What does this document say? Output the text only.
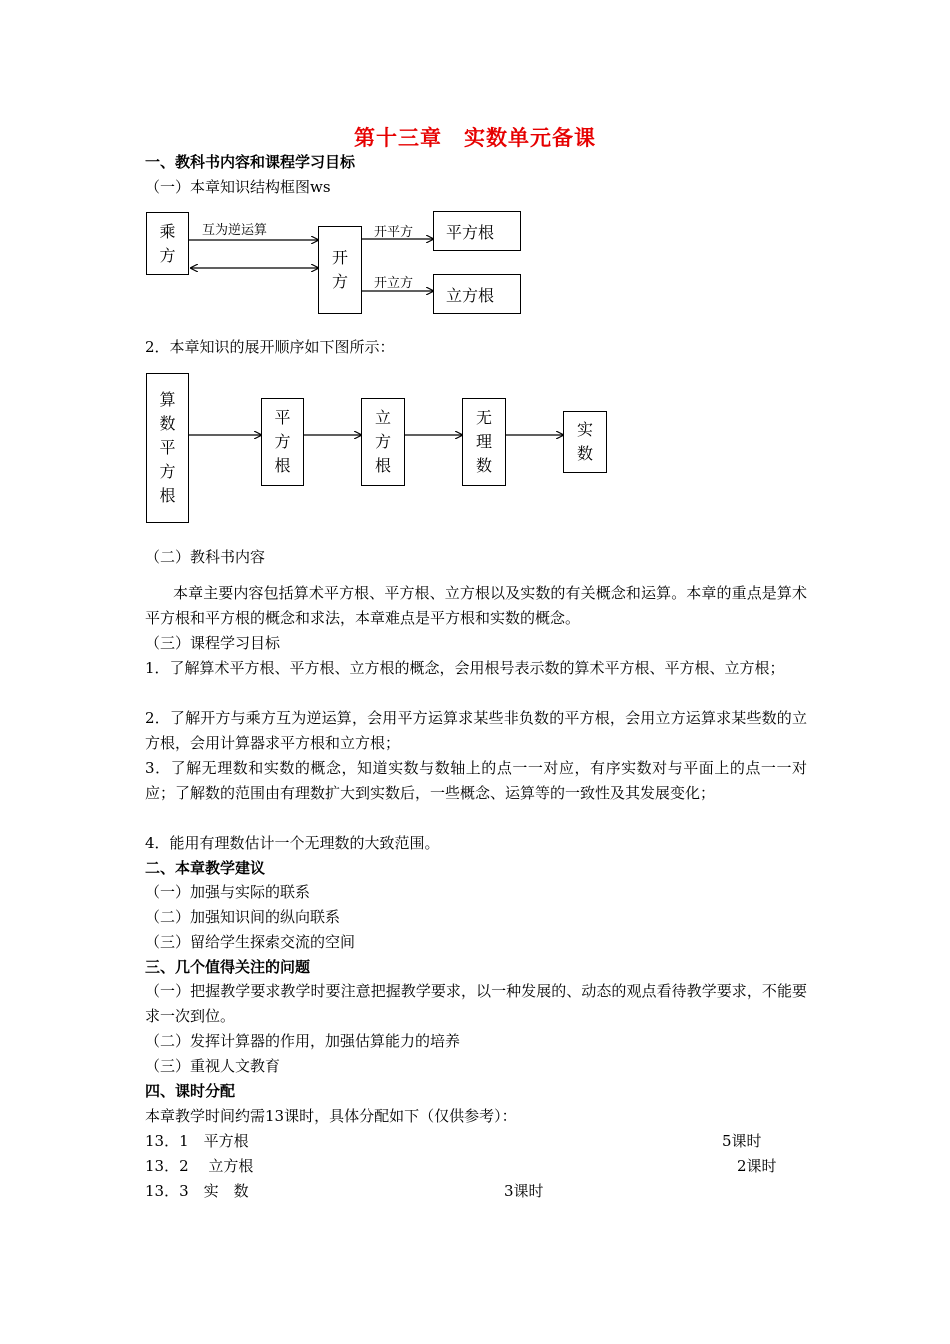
第十三章　实数单元备课
一、教科书内容和课程学习目标
（一）本章知识结构框图ws
乘
方
互为逆运算
开
方
开平方
开立方
平方根
立方根
2．本章知识的展开顺序如下图所示：
算
数
平
方
根
平
方
根
立
方
根
无
理
数
实
数
（二）教科书内容
本章主要内容包括算术平方根、平方根、立方根以及实数的有关概念和运算。本章的重点是算术平方根和平方根的概念和求法，本章难点是平方根和实数的概念。
（三）课程学习目标
1．了解算术平方根、平方根、立方根的概念，会用根号表示数的算术平方根、平方根、立方根；
2．了解开方与乘方互为逆运算，会用平方运算求某些非负数的平方根，会用立方运算求某些数的立方根，会用计算器求平方根和立方根；
3．了解无理数和实数的概念，知道实数与数轴上的点一一对应，有序实数对与平面上的点一一对应；了解数的范围由有理数扩大到实数后，一些概念、运算等的一致性及其发展变化；
4．能用有理数估计一个无理数的大致范围。
二、本章教学建议
（一）加强与实际的联系
（二）加强知识间的纵向联系
（三）留给学生探索交流的空间
三、几个值得关注的问题
（一）把握教学要求教学时要注意把握教学要求，以一种发展的、动态的观点看待教学要求，不能要求一次到位。
（二）发挥计算器的作用，加强估算能力的培养
（三）重视人文教育
四、课时分配
本章教学时间约需13课时，具体分配如下（仅供参考）：
13．1　平方根	5课时
13．2　 立方根	2课时
13．3　实　数	3课时
